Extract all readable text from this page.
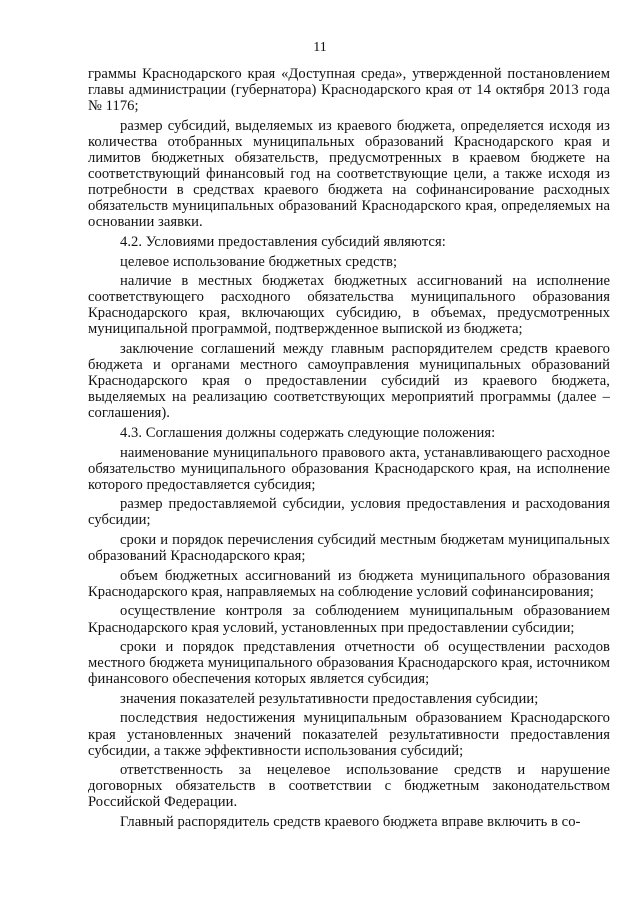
11

граммы Краснодарского края «Доступная среда», утвержденной постановлением главы администрации (губернатора) Краснодарского края от 14 октября 2013 года № 1176;

размер субсидий, выделяемых из краевого бюджета, определяется исходя из количества отобранных муниципальных образований Краснодарского края и лимитов бюджетных обязательств, предусмотренных в краевом бюджете на соответствующий финансовый год на соответствующие цели, а также исходя из потребности в средствах краевого бюджета на софинансирование расходных обязательств муниципальных образований Краснодарского края, определяемых на основании заявки.

4.2. Условиями предоставления субсидий являются:

целевое использование бюджетных средств;

наличие в местных бюджетах бюджетных ассигнований на исполнение соответствующего расходного обязательства муниципального образования Краснодарского края, включающих субсидию, в объемах, предусмотренных муниципальной программой, подтвержденное выпиской из бюджета;

заключение соглашений между главным распорядителем средств краевого бюджета и органами местного самоуправления муниципальных образований Краснодарского края о предоставлении субсидий из краевого бюджета, выделяемых на реализацию соответствующих мероприятий программы (далее – соглашения).

4.3. Соглашения должны содержать следующие положения:

наименование муниципального правового акта, устанавливающего расходное обязательство муниципального образования Краснодарского края, на исполнение которого предоставляется субсидия;

размер предоставляемой субсидии, условия предоставления и расходования субсидии;

сроки и порядок перечисления субсидий местным бюджетам муниципальных образований Краснодарского края;

объем бюджетных ассигнований из бюджета муниципального образования Краснодарского края, направляемых на соблюдение условий софинансирования;

осуществление контроля за соблюдением муниципальным образованием Краснодарского края условий, установленных при предоставлении субсидии;

сроки и порядок представления отчетности об осуществлении расходов местного бюджета муниципального образования Краснодарского края, источником финансового обеспечения которых является субсидия;

значения показателей результативности предоставления субсидии;

последствия недостижения муниципальным образованием Краснодарского края установленных значений показателей результативности предоставления субсидии, а также эффективности использования субсидий;

ответственность за нецелевое использование средств и нарушение договорных обязательств в соответствии с бюджетным законодательством Российской Федерации.

Главный распорядитель средств краевого бюджета вправе включить в со-
